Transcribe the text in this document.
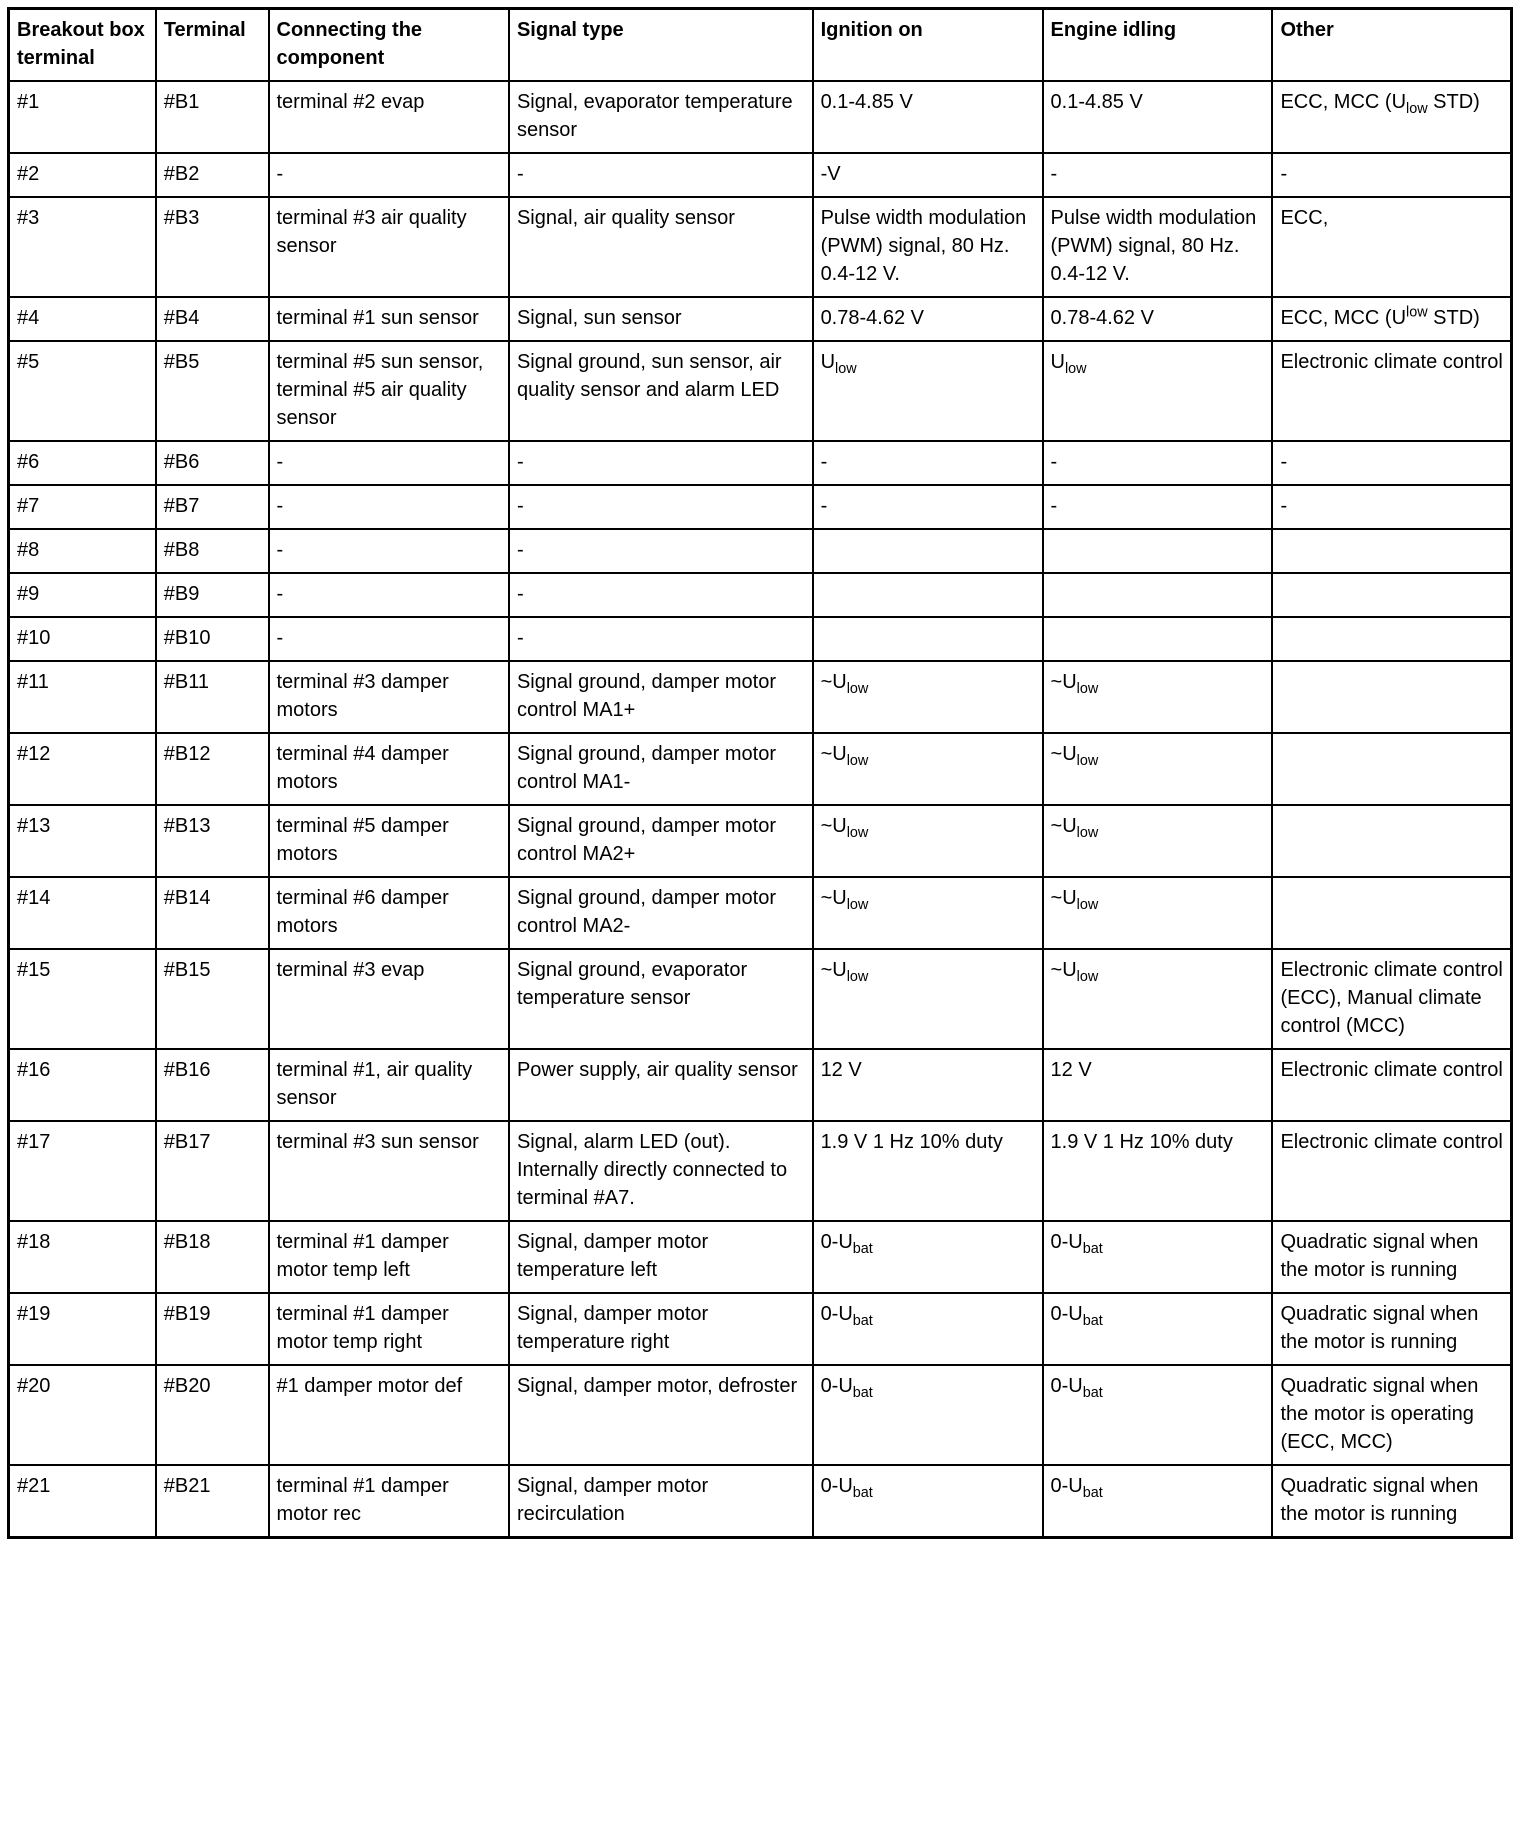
Breakout box terminal	Terminal	Connecting the component	Signal type	Ignition on	Engine idling	Other
#1	#B1	terminal #2 evap	Signal, evaporator temperature sensor	0.1-4.85 V	0.1-4.85 V	ECC, MCC ($U_{low}$ STD)
#2	#B2	-	-	-V	-	-
#3	#B3	terminal #3 air quality sensor	Signal, air quality sensor	Pulse width modulation (PWM) signal, 80 Hz. 0.4-12 V.	Pulse width modulation (PWM) signal, 80 Hz. 0.4-12 V.	ECC,
#4	#B4	terminal #1 sun sensor	Signal, sun sensor	0.78-4.62 V	0.78-4.62 V	ECC, MCC ($U^{low}$ STD)
#5	#B5	terminal #5 sun sensor, terminal #5 air quality sensor	Signal ground, sun sensor, air quality sensor and alarm LED	$U_{low}$	$U_{low}$	Electronic climate control
#6	#B6	-	-	-	-	-
#7	#B7	-	-	-	-	-
#8	#B8	-	-			
#9	#B9	-	-			
#10	#B10	-	-			
#11	#B11	terminal #3 damper motors	Signal ground, damper motor control MA1+	$\sim U_{low}$	$\sim U_{low}$	
#12	#B12	terminal #4 damper motors	Signal ground, damper motor control MA1-	$\sim U_{low}$	$\sim U_{low}$	
#13	#B13	terminal #5 damper motors	Signal ground, damper motor control MA2+	$\sim U_{low}$	$\sim U_{low}$	
#14	#B14	terminal #6 damper motors	Signal ground, damper motor control MA2-	$\sim U_{low}$	$\sim U_{low}$	
#15	#B15	terminal #3 evap	Signal ground, evaporator temperature sensor	$\sim U_{low}$	$\sim U_{low}$	Electronic climate control (ECC), Manual climate control (MCC)
#16	#B16	terminal #1, air quality sensor	Power supply, air quality sensor	12 V	12 V	Electronic climate control
#17	#B17	terminal #3 sun sensor	Signal, alarm LED (out). Internally directly connected to terminal #A7.	1.9 V 1 Hz 10% duty	1.9 V 1 Hz 10% duty	Electronic climate control
#18	#B18	terminal #1 damper motor temp left	Signal, damper motor temperature left	$0-U_{bat}$	$0-U_{bat}$	Quadratic signal when the motor is running
#19	#B19	terminal #1 damper motor temp right	Signal, damper motor temperature right	$0-U_{bat}$	$0-U_{bat}$	Quadratic signal when the motor is running
#20	#B20	#1 damper motor def	Signal, damper motor, defroster	$0-U_{bat}$	$0-U_{bat}$	Quadratic signal when the motor is operating (ECC, MCC)
#21	#B21	terminal #1 damper motor rec	Signal, damper motor recirculation	$0-U_{bat}$	$0-U_{bat}$	Quadratic signal when the motor is running
